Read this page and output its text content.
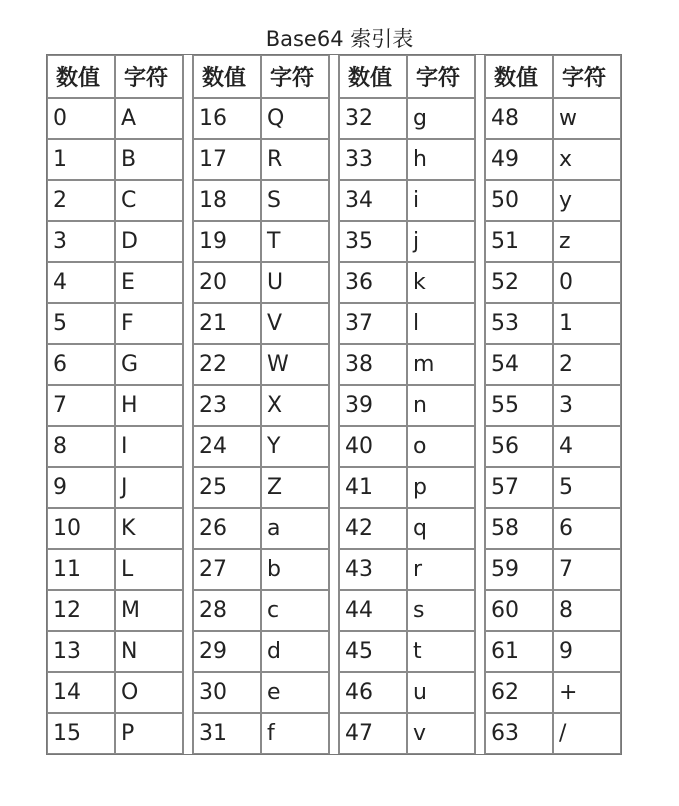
Base64 索引表
数值	字符		数值	字符		数值	字符		数值	字符
0	A		16	Q		32	g		48	w
1	B		17	R		33	h		49	x
2	C		18	S		34	i		50	y
3	D		19	T		35	j		51	z
4	E		20	U		36	k		52	0
5	F		21	V		37	l		53	1
6	G		22	W		38	m		54	2
7	H		23	X		39	n		55	3
8	I		24	Y		40	o		56	4
9	J		25	Z		41	p		57	5
10	K		26	a		42	q		58	6
11	L		27	b		43	r		59	7
12	M		28	c		44	s		60	8
13	N		29	d		45	t		61	9
14	O		30	e		46	u		62	+
15	P		31	f		47	v		63	/
